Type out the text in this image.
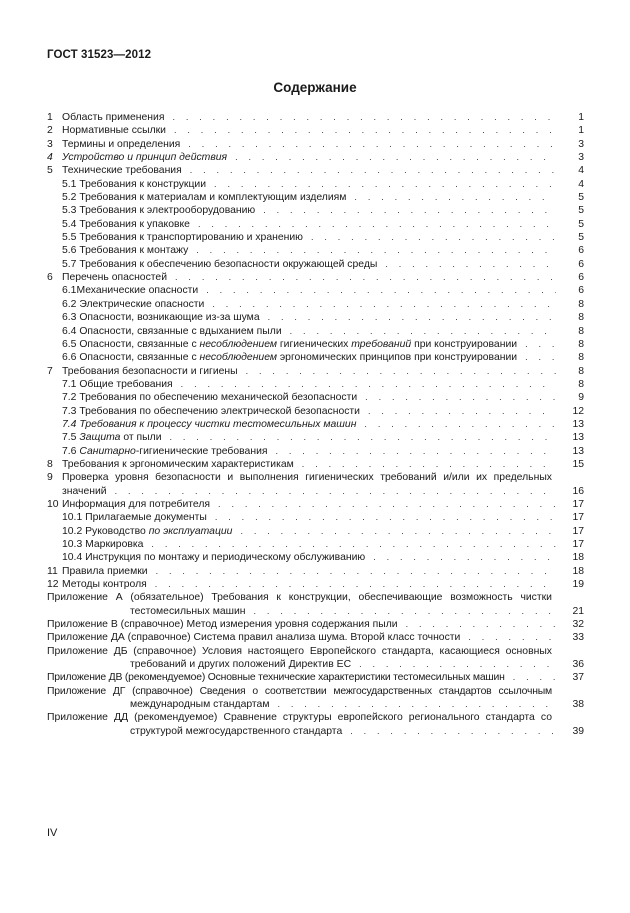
ГОСТ 31523—2012
Содержание
1 Область применения . . .	1
2 Нормативные ссылки . . .	1
3 Термины и определения . . .	3
4 Устройство и принцип действия . . .	3
5 Технические требования . . .	4
5.1 Требования к конструкции . . .	4
5.2 Требования к материалам и комплектующим изделиям . . .	5
5.3 Требования к электрооборудованию . . .	5
5.4 Требования к упаковке . . .	5
5.5 Требования к транспортированию и хранению . . .	5
5.6 Требования к монтажу . . .	6
5.7 Требования к обеспечению безопасности окружающей среды . . .	6
6 Перечень опасностей . . .	6
6.1Механические опасности . . .	6
6.2 Электрические опасности . . .	8
6.3 Опасности, возникающие из-за шума . . .	8
6.4 Опасности, связанные с вдыханием пыли . . .	8
6.5 Опасности, связанные с несоблюдением гигиенических требований при конструировании . . .	8
6.6 Опасности, связанные с несоблюдением эргономических принципов при конструировании . . .	8
7 Требования безопасности и гигиены . . .	8
7.1 Общие требования . . .	8
7.2 Требования по обеспечению механической безопасности . . .	9
7.3 Требования по обеспечению электрической безопасности . . .	12
7.4 Требования к процессу чистки тестомесильных машин . . .	13
7.5 Защита от пыли . . .	13
7.6 Санитарно-гигиенические требования . . .	13
8 Требования к эргономическим характеристикам . . .	15
9 Проверка уровня безопасности и выполнения гигиенических требований и/или их предельных
значений . . .	16
10 Информация для потребителя . . .	17
10.1 Прилагаемые документы . . .	17
10.2 Руководство по эксплуатации . . .	17
10.3 Маркировка . . .	17
10.4 Инструкция по монтажу и периодическому обслуживанию . . .	18
11 Правила приемки . . .	18
12 Методы контроля . . .	19
Приложение А (обязательное) Требования к конструкции, обеспечивающие возможность чистки
тестомесильных машин . . .	21
Приложение В (справочное) Метод измерения уровня содержания пыли . . .	32
Приложение ДА (справочное) Система правил анализа шума. Второй класс точности . . .	33
Приложение ДБ (справочное) Условия настоящего Европейского стандарта, касающиеся основных
требований и других положений Директив ЕС . . .	36
Приложение ДВ (рекомендуемое) Основные технические характеристики тестомесильных машин . . .	37
Приложение ДГ (справочное) Сведения о соответствии межгосударственных стандартов ссылочным
международным стандартам . . .	38
Приложение ДД (рекомендуемое) Сравнение структуры европейского регионального стандарта со
структурой межгосударственного стандарта . . .	39
IV
